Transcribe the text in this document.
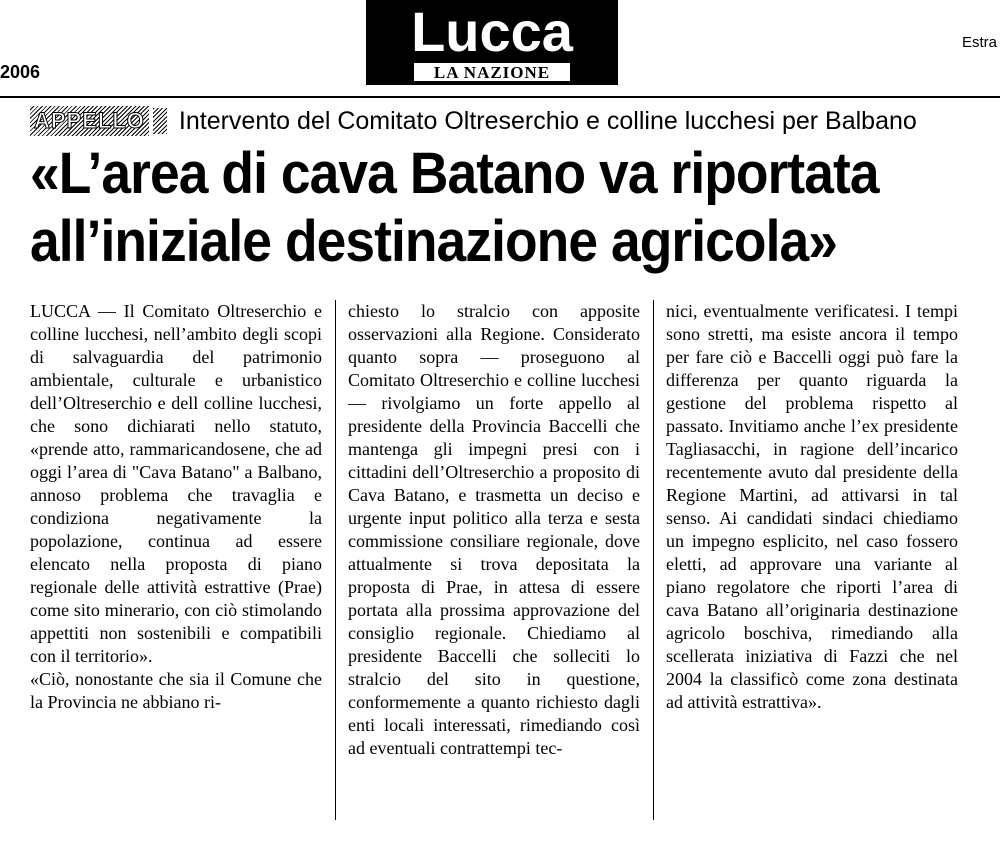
2006
Lucca
LA NAZIONE
Estra
APPELLO Intervento del Comitato Oltreserchio e colline lucchesi per Balbano
«L’area di cava Batano va riportata
all’iniziale destinazione agricola»

LUCCA — Il Comitato Oltreserchio e colline lucchesi, nell’ambito degli scopi di salvaguardia del patrimonio ambientale, culturale e urbanistico dell’Oltreserchio e dell colline lucchesi, che sono dichiarati nello statuto, «prende atto, rammaricandosene, che ad oggi l’area di "Cava Batano" a Balbano, annoso problema che travaglia e condiziona negativamente la popolazione, continua ad essere elencato nella proposta di piano regionale delle attività estrattive (Prae) come sito minerario, con ciò stimolando appettiti non sostenibili e compatibili con il territorio».

«Ciò, nonostante che sia il Comune che la Provincia ne abbiano ri-

chiesto lo stralcio con apposite osservazioni alla Regione. Considerato quanto sopra — proseguono al Comitato Oltreserchio e colline lucchesi — rivolgiamo un forte appello al presidente della Provincia Baccelli che mantenga gli impegni presi con i cittadini dell’Oltreserchio a proposito di Cava Batano, e trasmetta un deciso e urgente input politico alla terza e sesta commissione consiliare regionale, dove attualmente si trova depositata la proposta di Prae, in attesa di essere portata alla prossima approvazione del consiglio regionale. Chiediamo al presidente Baccelli che solleciti lo stralcio del sito in questione, conformemente a quanto richiesto dagli enti locali interessati, rimediando così ad eventuali contrattempi tec-

nici, eventualmente verificatesi. I tempi sono stretti, ma esiste ancora il tempo per fare ciò e Baccelli oggi può fare la differenza per quanto riguarda la gestione del problema rispetto al passato. Invitiamo anche l’ex presidente Tagliasacchi, in ragione dell’incarico recentemente avuto dal presidente della Regione Martini, ad attivarsi in tal senso. Ai candidati sindaci chiediamo un impegno esplicito, nel caso fossero eletti, ad approvare una variante al piano regolatore che riporti l’area di cava Batano all’originaria destinazione agricolo boschiva, rimediando alla scellerata iniziativa di Fazzi che nel 2004 la classificò come zona destinata ad attività estrattiva».
